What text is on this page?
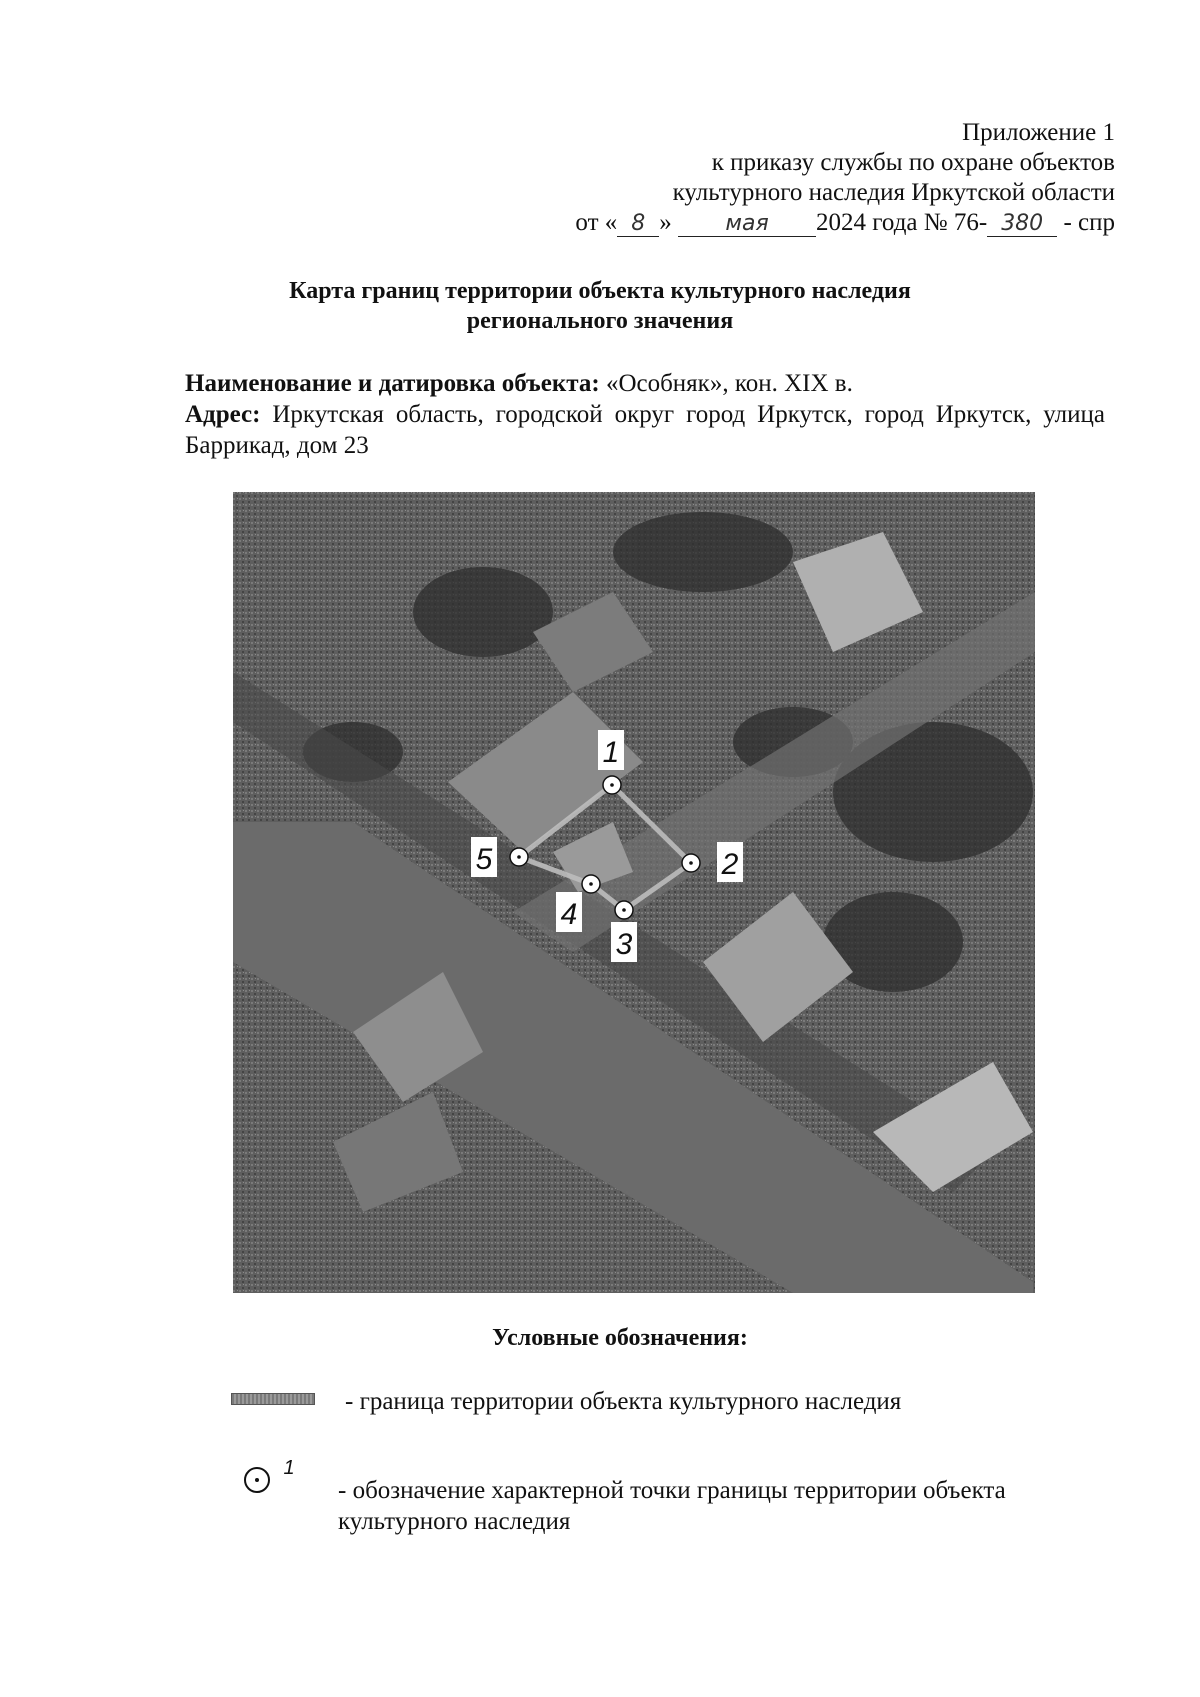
Приложение 1
к приказу службы по охране объектов
культурного наследия Иркутской области
от « 8 » мая 2024 года № 76- 380 - спр
Карта границ территории объекта культурного наследия
регионального значения

Наименование и датировка объекта: «Особняк», кон. XIX в.

Адрес: Иркутская область, городской округ город Иркутск, город Иркутск, улица Баррикад, дом 23

1
2
3
4
5
Условные обозначения:
- граница территории объекта культурного наследия
1
- обозначение характерной точки границы территории объекта культурного наследия
